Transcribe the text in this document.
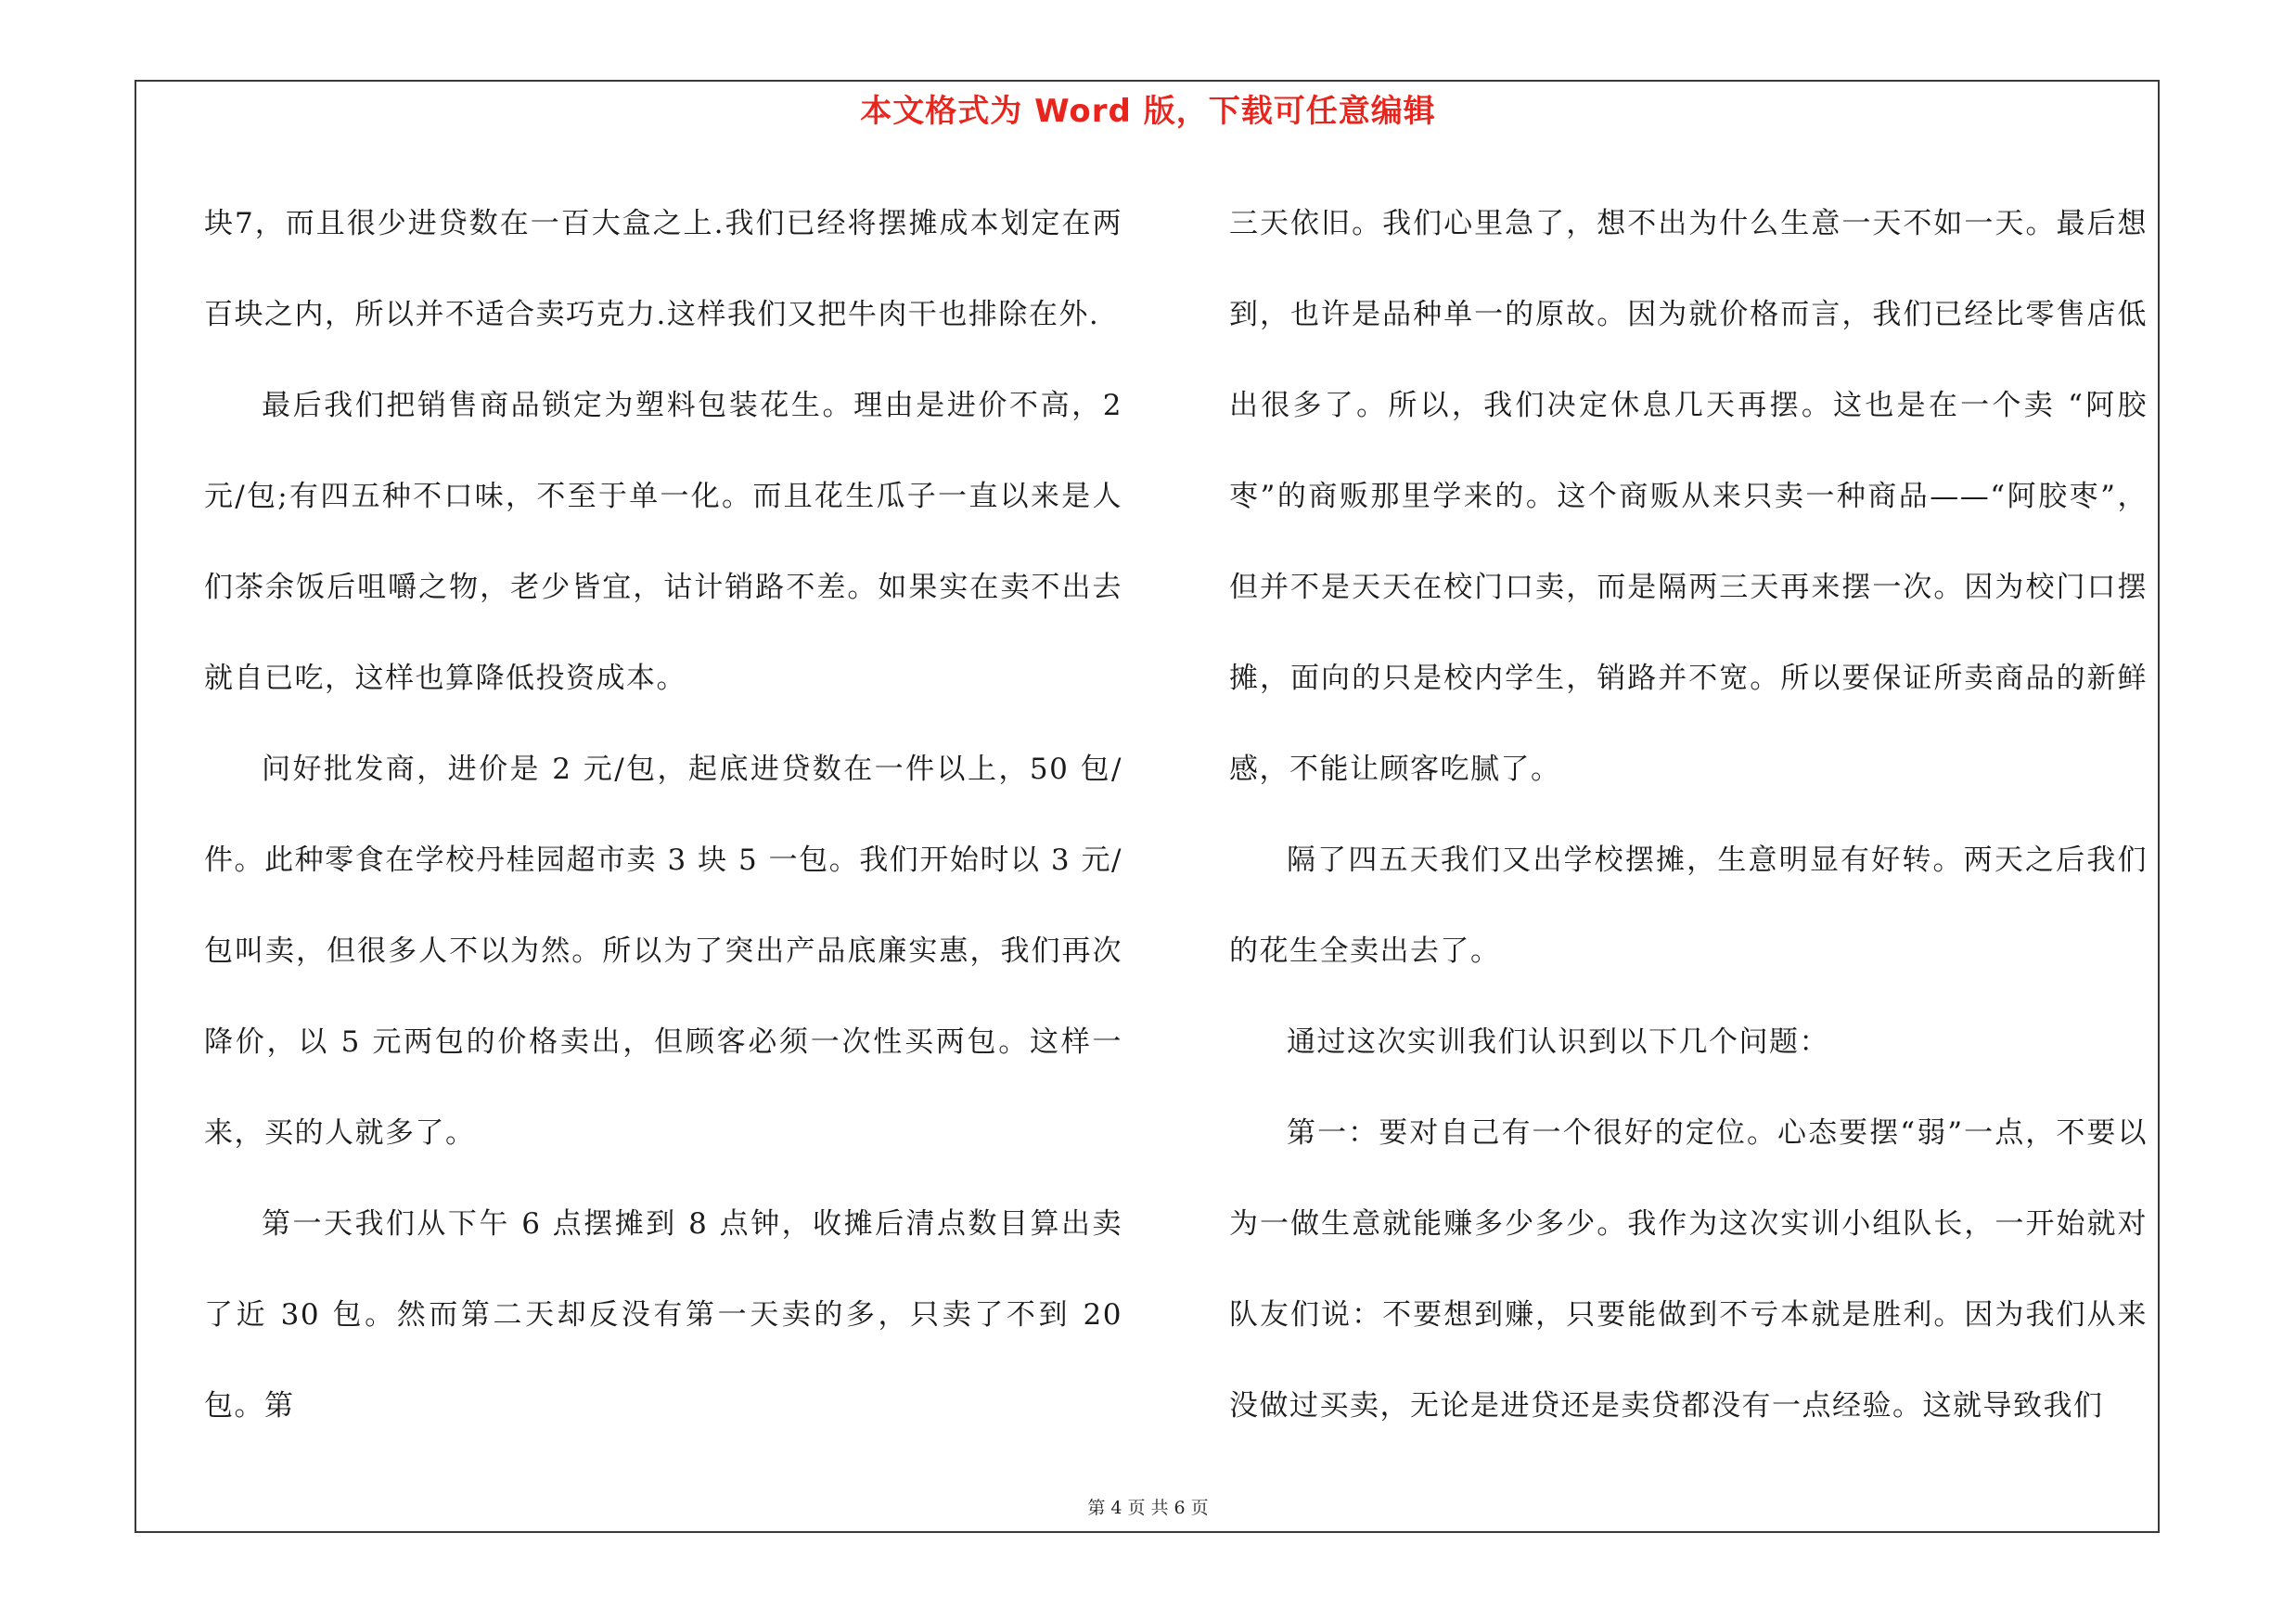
本文格式为 Word 版，下载可任意编辑

块7，而且很少进贷数在一百大盒之上.我们已经将摆摊成本划定在两百块之内，所以并不适合卖巧克力.这样我们又把牛肉干也排除在外.

最后我们把销售商品锁定为塑料包装花生。理由是进价不高，2元/包;有四五种不口味，不至于单一化。而且花生瓜子一直以来是人们茶余饭后咀嚼之物，老少皆宜，诂计销路不差。如果实在卖不出去就自已吃，这样也算降低投资成本。

问好批发商，进价是 2 元/包，起底进贷数在一件以上，50 包/件。此种零食在学校丹桂园超市卖 3 块 5 一包。我们开始时以 3 元/包叫卖，但很多人不以为然。所以为了突出产品底廉实惠，我们再次降价，以 5 元两包的价格卖出，但顾客必须一次性买两包。这样一来，买的人就多了。

第一天我们从下午 6 点摆摊到 8 点钟，收摊后清点数目算出卖了近 30 包。然而第二天却反没有第一天卖的多，只卖了不到 20 包。第

三天依旧。我们心里急了，想不出为什么生意一天不如一天。最后想到，也许是品种单一的原故。因为就价格而言，我们已经比零售店低出很多了。所以，我们决定休息几天再摆。这也是在一个卖 “阿胶枣”的商贩那里学来的。这个商贩从来只卖一种商品——“阿胶枣”，但并不是天天在校门口卖，而是隔两三天再来摆一次。因为校门口摆摊，面向的只是校内学生，销路并不宽。所以要保证所卖商品的新鲜感，不能让顾客吃腻了。

隔了四五天我们又出学校摆摊，生意明显有好转。两天之后我们的花生全卖出去了。

通过这次实训我们认识到以下几个问题：

第一：要对自己有一个很好的定位。心态要摆“弱”一点，不要以为一做生意就能赚多少多少。我作为这次实训小组队长，一开始就对队友们说：不要想到赚，只要能做到不亏本就是胜利。因为我们从来没做过买卖，无论是进贷还是卖贷都没有一点经验。这就导致我们

第 4 页 共 6 页
